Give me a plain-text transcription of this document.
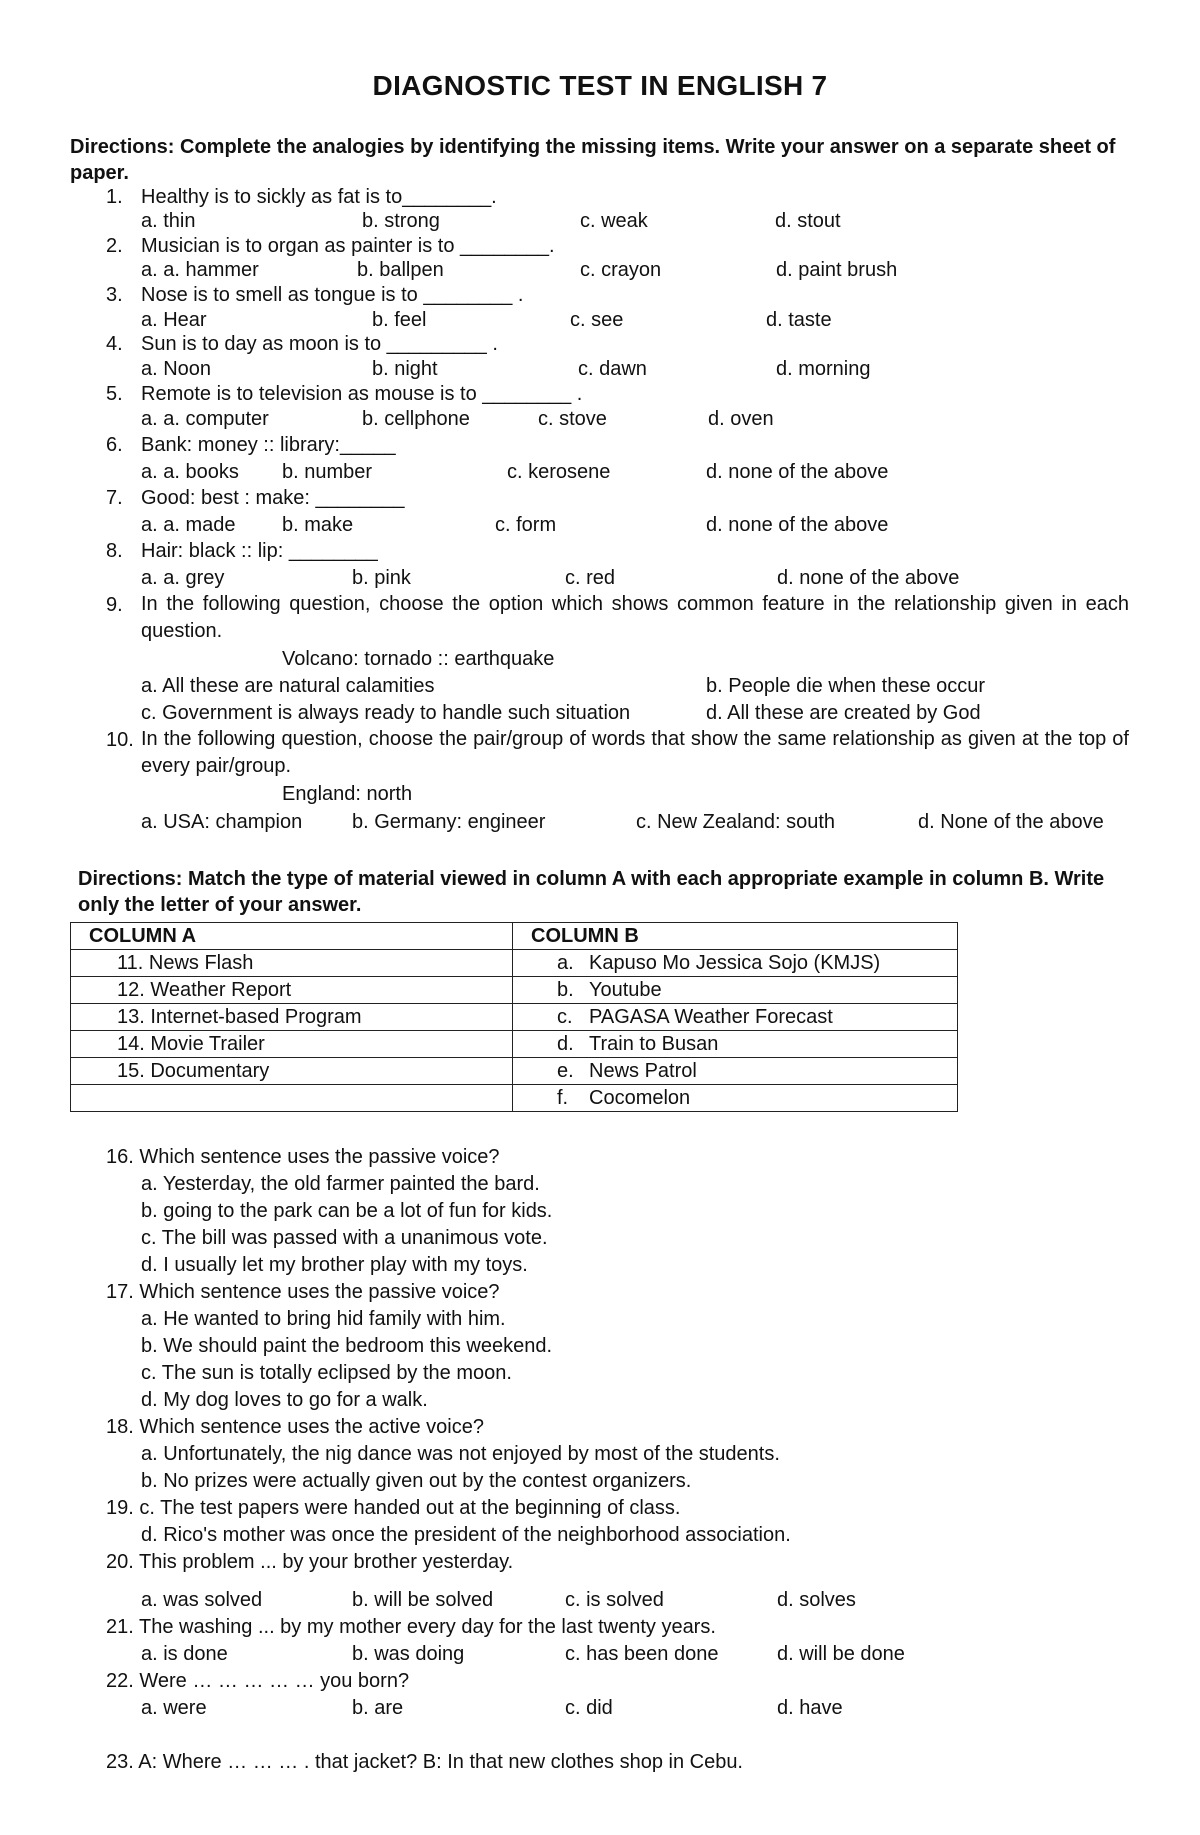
DIAGNOSTIC TEST IN ENGLISH 7
Directions: Complete the analogies by identifying the missing items. Write your answer on a separate sheet of paper.
1. Healthy is to sickly as fat is to________.
a. thin	b. strong	c. weak	d. stout
2. Musician is to organ as painter is to ________.
a. a. hammer	b. ballpen	c. crayon	d. paint brush
3. Nose is to smell as tongue is to ________ .
a. Hear	b. feel	c. see	d. taste
4. Sun is to day as moon is to _________ .
a. Noon	b. night	c. dawn	d. morning
5. Remote is to television as mouse is to ________ .
a. a. computer	b. cellphone	c. stove	d. oven
6. Bank: money :: library:_____
a. a. books b. number	c. kerosene	d. none of the above
7. Good: best : make: ________
a. a. made b. make	c. form	d. none of the above
8. Hair: black :: lip: ________
a. a. grey	b. pink	c. red	d. none of the above
9. In the following question, choose the option which shows common feature in the relationship given in each question.
Volcano: tornado :: earthquake
a. All these are natural calamities	b. People die when these occur
c. Government is always ready to handle such situation	d. All these are created by God
10. In the following question, choose the pair/group of words that show the same relationship as given at the top of every pair/group.
England: north
a. USA: champion b. Germany: engineer	c. New Zealand: south	d. None of the above
Directions: Match the type of material viewed in column A with each appropriate example in column B. Write only the letter of your answer.
COLUMN A	COLUMN B
11. News Flash	a. Kapuso Mo Jessica Sojo (KMJS)
12. Weather Report	b. Youtube
13. Internet-based Program	c. PAGASA Weather Forecast
14. Movie Trailer	d. Train to Busan
15. Documentary	e. News Patrol
	f. Cocomelon
16. Which sentence uses the passive voice?
a. Yesterday, the old farmer painted the bard.
b. going to the park can be a lot of fun for kids.
c. The bill was passed with a unanimous vote.
d. I usually let my brother play with my toys.
17. Which sentence uses the passive voice?
a. He wanted to bring hid family with him.
b. We should paint the bedroom this weekend.
c. The sun is totally eclipsed by the moon.
d. My dog loves to go for a walk.
18. Which sentence uses the active voice?
a. Unfortunately, the nig dance was not enjoyed by most of the students.
b. No prizes were actually given out by the contest organizers.
19. c. The test papers were handed out at the beginning of class.
d. Rico's mother was once the president of the neighborhood association.
20. This problem ... by your brother yesterday.
a. was solved	b. will be solved	c. is solved	d. solves
21. The washing ... by my mother every day for the last twenty years.
a. is done	b. was doing	c. has been done	d. will be done
22. Were … … … … … you born?
a. were	b. are	c. did	d. have
23. A: Where … … … . that jacket? B: In that new clothes shop in Cebu.
